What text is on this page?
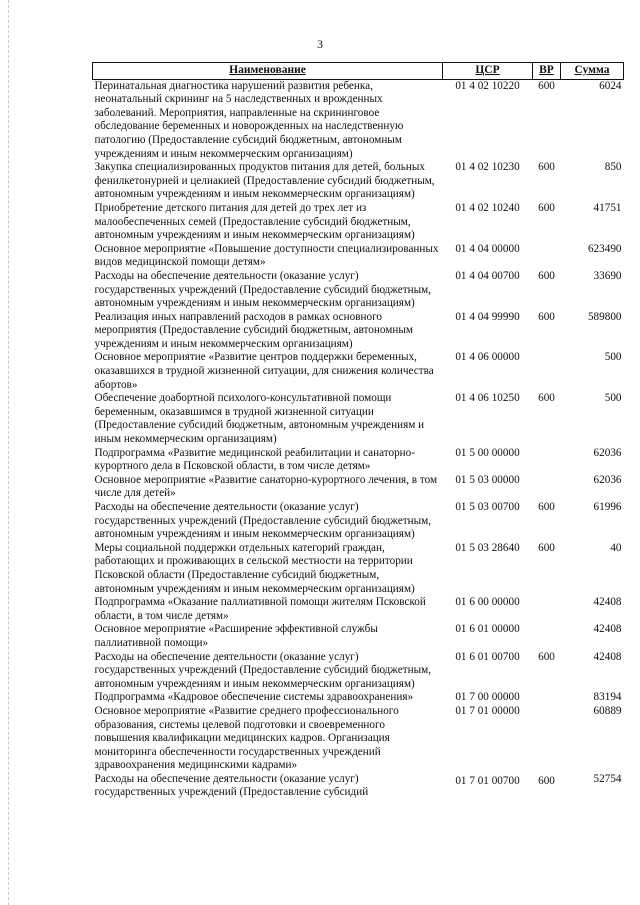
3
Наименование	ЦСР	ВР	Сумма
Перинатальная диагностика нарушений развития ребенка, неонатальный скрининг на 5 наследственных и врожденных заболеваний. Мероприятия, направленные на скрининговое обследование беременных и новорожденных на наследственную патологию (Предоставление субсидий бюджетным, автономным учреждениям и иным некоммерческим организациям)	01 4 02 10220	600	6024
Закупка специализированных продуктов питания для детей, больных фенилкетонурией и целиакией (Предоставление субсидий бюджетным, автономным учреждениям и иным некоммерческим организациям)	01 4 02 10230	600	850
Приобретение детского питания для детей до трех лет из малообеспеченных семей (Предоставление субсидий бюджетным, автономным учреждениям и иным некоммерческим организациям)	01 4 02 10240	600	41751
Основное мероприятие «Повышение доступности специализированных видов медицинской помощи детям»	01 4 04 00000		623490
Расходы на обеспечение деятельности (оказание услуг) государственных учреждений (Предоставление субсидий бюджетным, автономным учреждениям и иным некоммерческим организациям)	01 4 04 00700	600	33690
Реализация иных направлений расходов в рамках основного мероприятия (Предоставление субсидий бюджетным, автономным учреждениям и иным некоммерческим организациям)	01 4 04 99990	600	589800
Основное мероприятие «Развитие центров поддержки беременных, оказавшихся в трудной жизненной ситуации, для снижения количества абортов»	01 4 06 00000		500
Обеспечение доабортной психолого-консультативной помощи беременным, оказавшимся в трудной жизненной ситуации (Предоставление субсидий бюджетным, автономным учреждениям и иным некоммерческим организациям)	01 4 06 10250	600	500
Подпрограмма «Развитие медицинской реабилитации и санаторно-курортного дела в Псковской области, в том числе детям»	01 5 00 00000		62036
Основное мероприятие «Развитие санаторно-курортного лечения, в том числе для детей»	01 5 03 00000		62036
Расходы на обеспечение деятельности (оказание услуг) государственных учреждений (Предоставление субсидий бюджетным, автономным учреждениям и иным некоммерческим организациям)	01 5 03 00700	600	61996
Меры социальной поддержки отдельных категорий граждан, работающих и проживающих в сельской местности на территории Псковской области (Предоставление субсидий бюджетным, автономным учреждениям и иным некоммерческим организациям)	01 5 03 28640	600	40
Подпрограмма «Оказание паллиативной помощи жителям Псковской области, в том числе детям»	01 6 00 00000		42408
Основное мероприятие «Расширение эффективной службы паллиативной помощи»	01 6 01 00000		42408
Расходы на обеспечение деятельности (оказание услуг) государственных учреждений (Предоставление субсидий бюджетным, автономным учреждениям и иным некоммерческим организациям)	01 6 01 00700	600	42408
Подпрограмма «Кадровое обеспечение системы здравоохранения»	01 7 00 00000		83194
Основное мероприятие «Развитие среднего профессионального образования, системы целевой подготовки и своевременного повышения квалификации медицинских кадров. Организация мониторинга обеспеченности государственных учреждений здравоохранения медицинскими кадрами»	01 7 01 00000		60889
Расходы на обеспечение деятельности (оказание услуг) государственных учреждений (Предоставление субсидий	01 7 01 00700	600	52754
